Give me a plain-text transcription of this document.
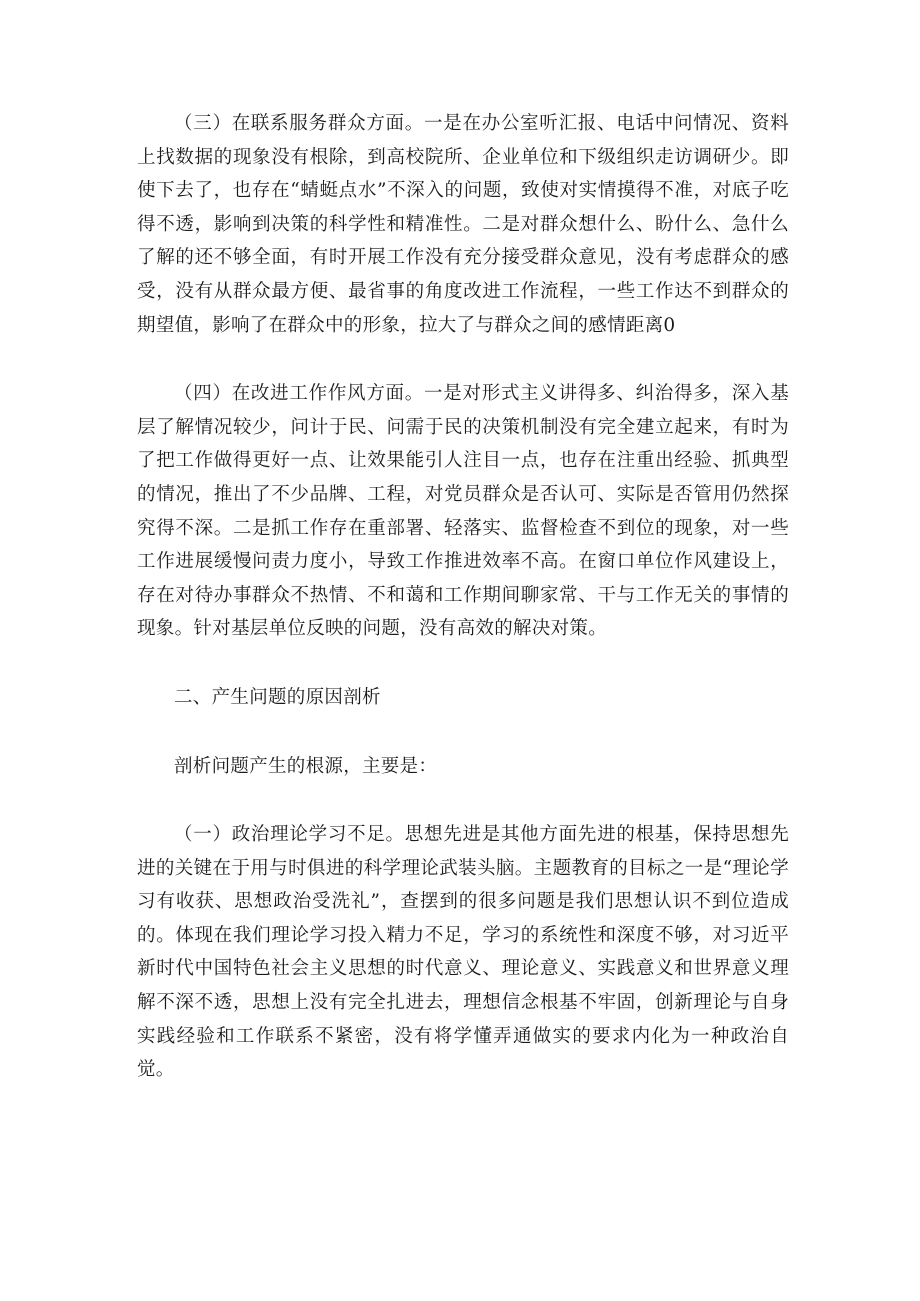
（三）在联系服务群众方面。一是在办公室听汇报、电话中问情况、资料上找数据的现象没有根除，到高校院所、企业单位和下级组织走访调研少。即使下去了，也存在“蜻蜓点水”不深入的问题，致使对实情摸得不准，对底子吃得不透，影响到决策的科学性和精准性。二是对群众想什么、盼什么、急什么了解的还不够全面，有时开展工作没有充分接受群众意见，没有考虑群众的感受，没有从群众最方便、最省事的角度改进工作流程，一些工作达不到群众的期望值，影响了在群众中的形象，拉大了与群众之间的感情距离0

（四）在改进工作作风方面。一是对形式主义讲得多、纠治得多，深入基层了解情况较少，问计于民、问需于民的决策机制没有完全建立起来，有时为了把工作做得更好一点、让效果能引人注目一点，也存在注重出经验、抓典型的情况，推出了不少品牌、工程，对党员群众是否认可、实际是否管用仍然探究得不深。二是抓工作存在重部署、轻落实、监督检查不到位的现象，对一些工作进展缓慢问责力度小，导致工作推进效率不高。在窗口单位作风建设上，存在对待办事群众不热情、不和蔼和工作期间聊家常、干与工作无关的事情的现象。针对基层单位反映的问题，没有高效的解决对策。

二、产生问题的原因剖析

剖析问题产生的根源，主要是：

（一）政治理论学习不足。思想先进是其他方面先进的根基，保持思想先进的关键在于用与时俱进的科学理论武装头脑。主题教育的目标之一是“理论学习有收获、思想政治受洗礼”，查摆到的很多问题是我们思想认识不到位造成的。体现在我们理论学习投入精力不足，学习的系统性和深度不够，对习近平新时代中国特色社会主义思想的时代意义、理论意义、实践意义和世界意义理解不深不透，思想上没有完全扎进去，理想信念根基不牢固，创新理论与自身实践经验和工作联系不紧密，没有将学懂弄通做实的要求内化为一种政治自觉。
